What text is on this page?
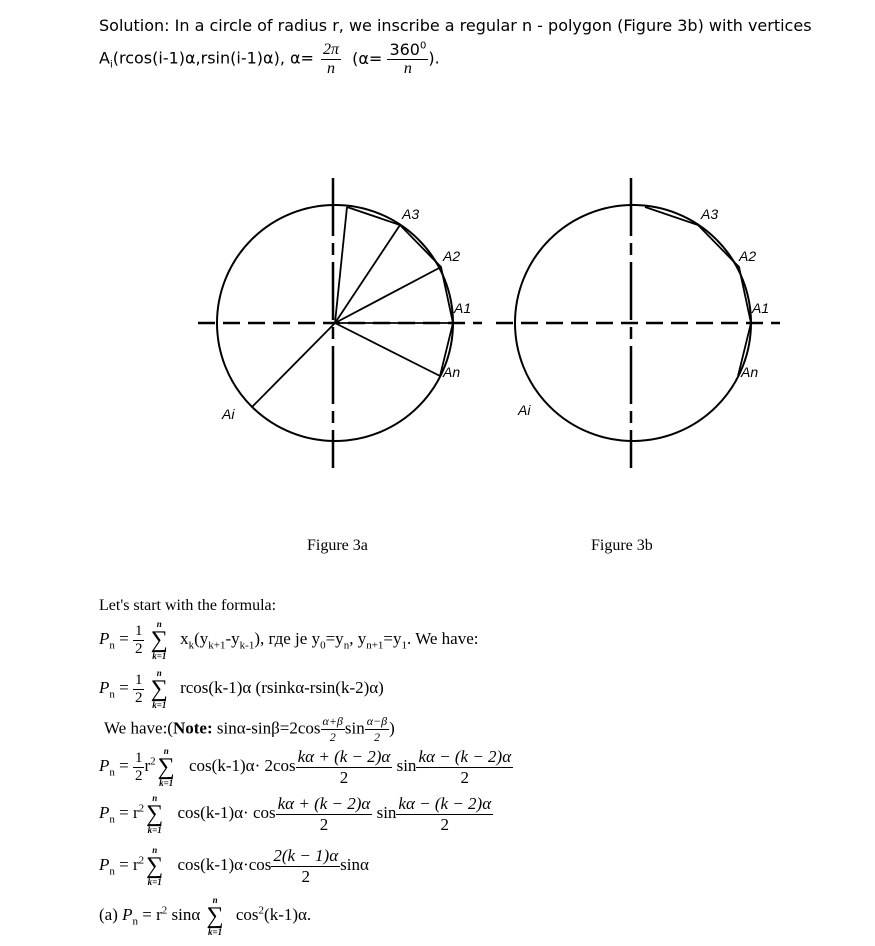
Solution: In a circle of radius r, we inscribe a regular n - polygon (Figure 3b) with vertices
$A_i(rcos(i-1)\alpha,rsin(i-1)\alpha)$, $\alpha= \frac{2\pi}{n} (\alpha= \frac{360^0}{n}$ ).
A3
A2
A1
An
Ai
A3
A2
A1
An
Ai
Figure 3a	Figure 3b
Let's start with the formula:
$P_n = \frac{1}{2}$
	n
∑
k=1
$x_k(y_{k+1}-y_{k-1})$, где je $y_0=y_n$, $y_{n+1}=y_1$. We have:
$P_n = \frac{1}{2}$
	n
∑
k=1
rcos(k-1)α (rsinkα-rsin(k-2)α)
We have:(Note: $\sin\alpha-\sin\beta=2\cos \frac{\alpha+\beta}{2}$ $\sin \frac{\alpha-\beta}{2}$ )
$P_n = \frac{1}{2} r^2$
n
∑
k=1
$\cos(k-1)\alpha\cdot 2\cos \frac{k\alpha + (k - 2)\alpha}{2}$ $\sin \frac{k\alpha - (k - 2)\alpha}{2}$
$P_n = r^2$
n
∑
k=1
$\cos(k-1)\alpha\cdot \cos \frac{k\alpha + (k - 2)\alpha}{2}$ $\sin \frac{k\alpha - (k - 2)\alpha}{2}$
$P_n = r^2$
n
∑
k=1
$\cos(k-1)\alpha\cdot\cos \frac{2(k - 1)\alpha}{2}$ sinα
(a) $P_n = r^2$ sinα
n
∑
k=1
$\cos^2(k-1)\alpha$.
